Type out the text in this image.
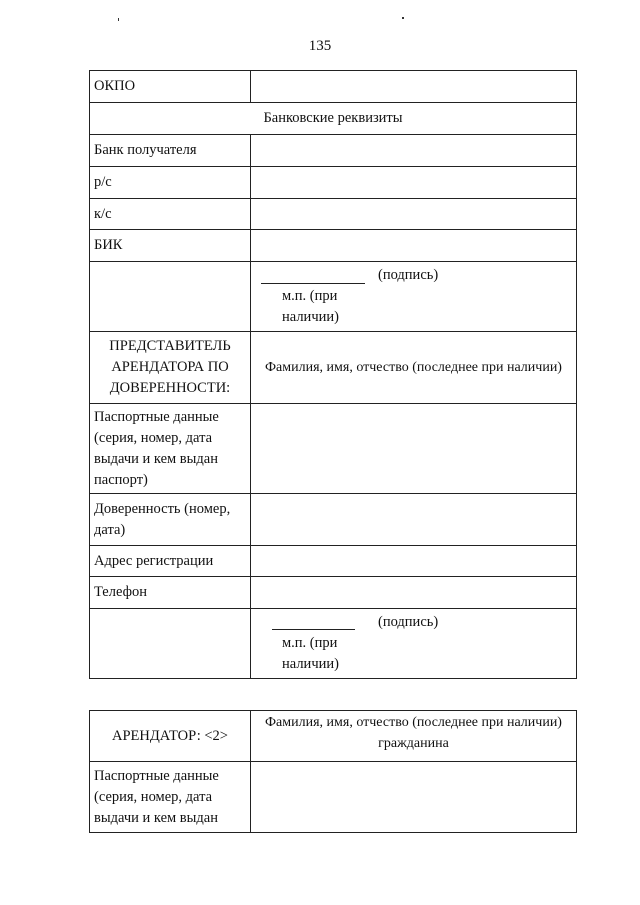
135
ОКПО	
Банковские реквизиты	
Банк получателя	
р/с	
к/с	
БИК	

	(подпись)
м.п. (при
наличии)

ПРЕДСТАВИТЕЛЬ
АРЕНДАТОРА ПО
ДОВЕРЕННОСТИ:	Фамилия, имя, отчество (последнее при наличии)

Паспортные данные
(серия, номер, дата
выдачи и кем выдан
паспорт)	

Доверенность (номер,
дата)	

Адрес регистрации	
Телефон	

	(подпись)
м.п. (при
наличии)
АРЕНДАТОР: <2>	Фамилия, имя, отчество (последнее при наличии)
гражданина

Паспортные данные
(серия, номер, дата
выдачи и кем выдан	
